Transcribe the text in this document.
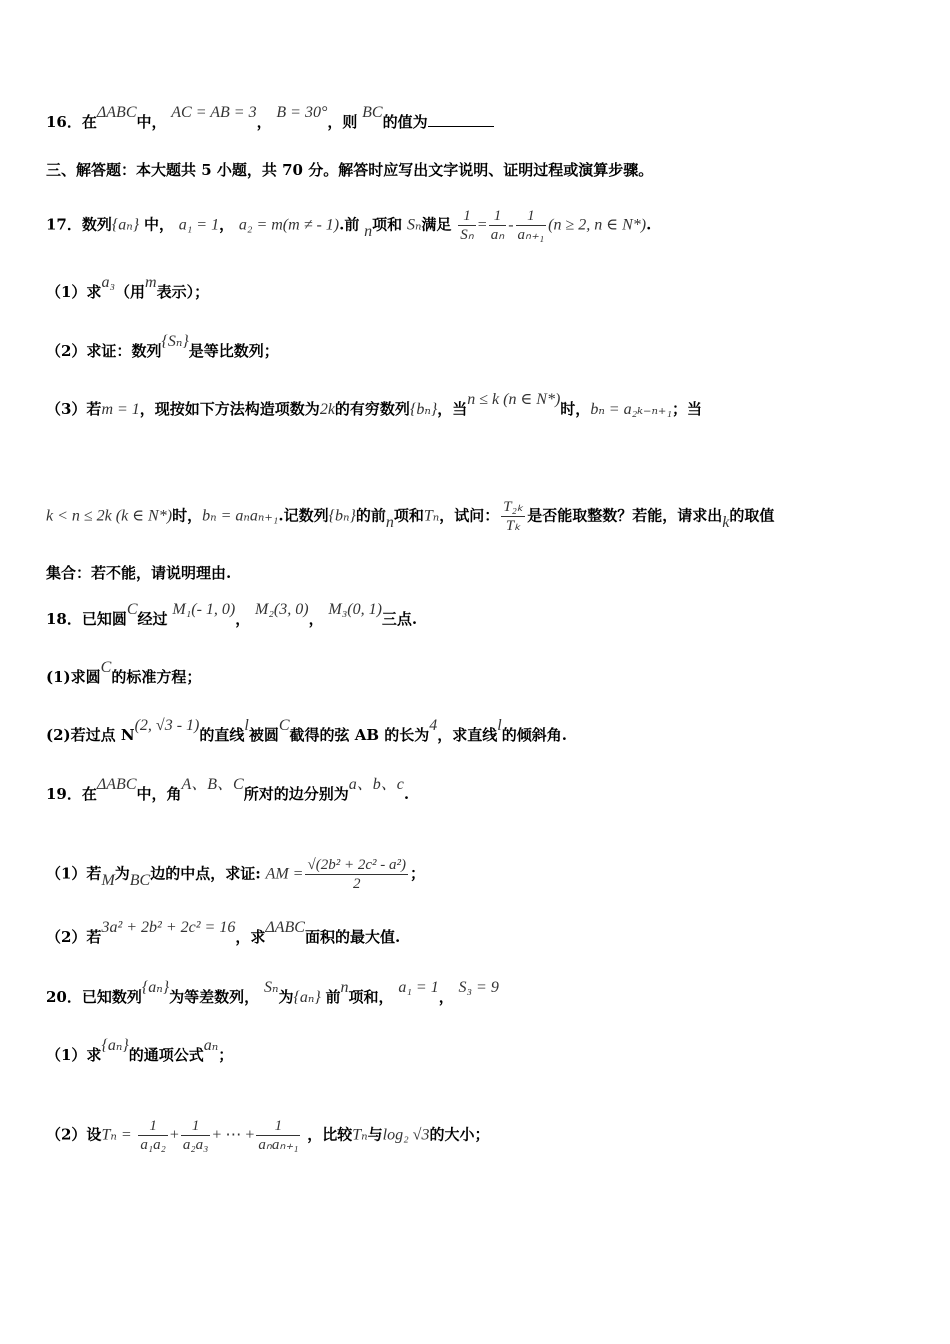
16．在ΔABC中， AC = AB = 3， B = 30°，则 BC的值为
三、解答题：本大题共 5 小题，共 70 分。解答时应写出文字说明、证明过程或演算步骤。
17．数列{aₙ} 中， a₁ = 1， a₂ = m(m ≠ - 1).前 n项和 Sₙ满足 $\frac{1}{\text{Sₙ}} = \frac{1}{\text{aₙ}} - \frac{1}{\text{aₙ₊₁}} (n \ge 2$, n ∈ N*).
（1）求a₃（用m表示）；
（2）求证：数列{Sₙ}是等比数列；
（3）若m = 1，现按如下方法构造项数为2k的有穷数列{bₙ}，当n ≤ k (n ∈ N*)时，bₙ = a₂ₖ₋ₙ₊₁；当
k < n ≤ 2k (k ∈ N*)时，bₙ = aₙaₙ₊₁.记数列{bₙ}的前n项和Tₙ，试问： $\frac{\text{T₂ₖ}}{\text{Tₖ}}$ 是否能取整数？若能，请求出k的取值
集合：若不能，请说明理由.
18．已知圆C经过 M₁(- 1, 0)， M₂(3, 0)， M₃(0, 1)三点.
(1)求圆C的标准方程；
(2)若过点 N(2, √3 - 1)的直线l被圆C截得的弦 AB 的长为4，求直线l的倾斜角.
19．在ΔABC中，角A、B、C所对的边分别为a、b、c.
（1）若M为BC边的中点，求证: AM = $\frac{\text{√(2b² + 2c² - a²)}}{2}$ ；
（2）若3a² + 2b² + 2c² = 16，求ΔABC面积的最大值.
20．已知数列{aₙ}为等差数列， Sₙ为{aₙ} 前n项和， a₁ = 1， S₃ = 9
（1）求{aₙ}的通项公式aₙ；
（2）设$T_n = \frac{1}{\text{a₁a₂}} + \frac{1}{\text{a₂a₃}}$ + ⋯ + $\frac{1}{\text{aₙaₙ₊₁}}$ ，比较Tₙ与log₂ √3的大小；
